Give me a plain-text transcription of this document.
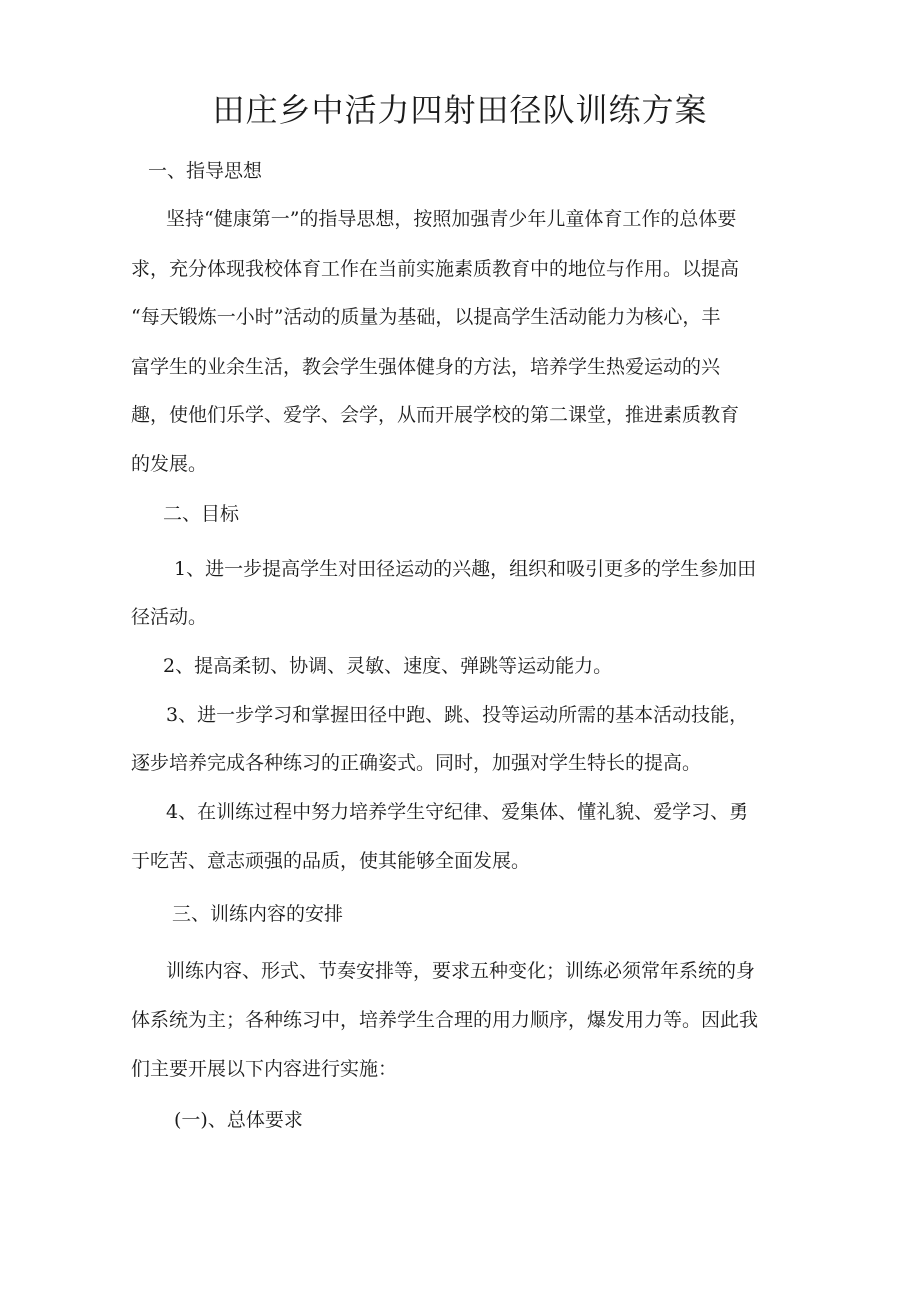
田庄乡中活力四射田径队训练方案

一、指导思想

坚持“健康第一”的指导思想，按照加强青少年儿童体育工作的总体要

求，充分体现我校体育工作在当前实施素质教育中的地位与作用。以提高

“每天锻炼一小时”活动的质量为基础，以提高学生活动能力为核心，丰

富学生的业余生活，教会学生强体健身的方法，培养学生热爱运动的兴

趣，使他们乐学、爱学、会学，从而开展学校的第二课堂，推进素质教育

的发展。

二、目标

1、进一步提高学生对田径运动的兴趣，组织和吸引更多的学生参加田

径活动。

2、提高柔韧、协调、灵敏、速度、弹跳等运动能力。

3、进一步学习和掌握田径中跑、跳、投等运动所需的基本活动技能，

逐步培养完成各种练习的正确姿式。同时，加强对学生特长的提高。

4、在训练过程中努力培养学生守纪律、爱集体、懂礼貌、爱学习、勇

于吃苦、意志顽强的品质，使其能够全面发展。

三、训练内容的安排

训练内容、形式、节奏安排等，要求五种变化；训练必须常年系统的身

体系统为主；各种练习中，培养学生合理的用力顺序，爆发用力等。因此我

们主要开展以下内容进行实施：

(一)、总体要求
